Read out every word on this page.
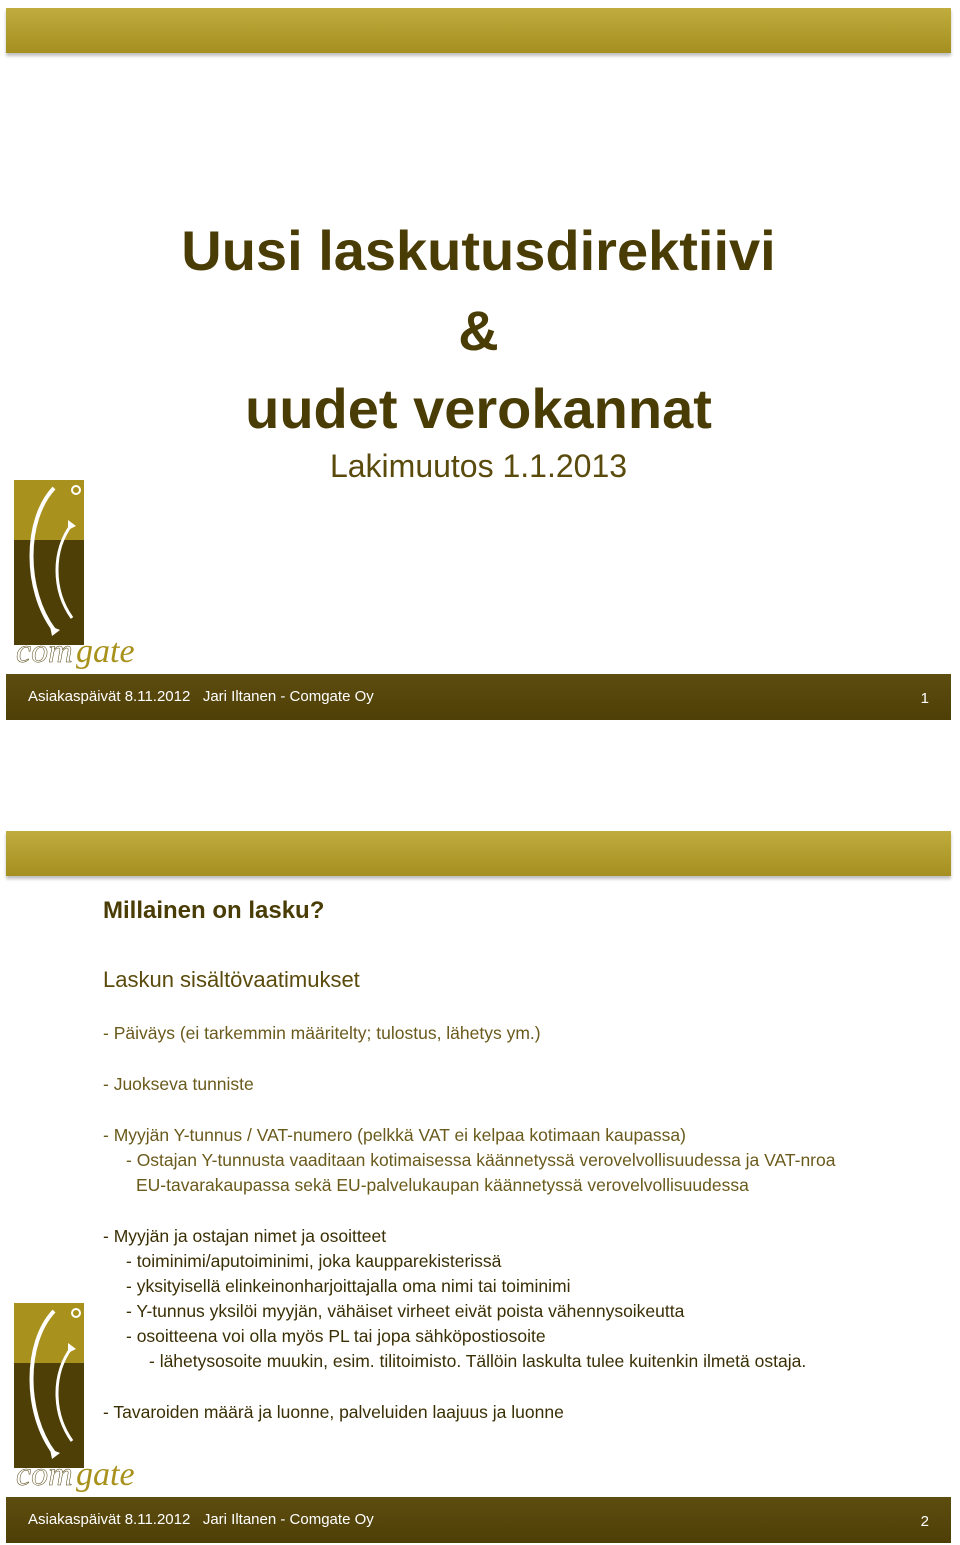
Uusi laskutusdirektiivi
&
uudet verokannat
Lakimuutos 1.1.2013
com gate
Asiakaspäivät 8.11.2012   Jari Iltanen - Comgate Oy	1
Millainen on lasku?
Laskun sisältövaatimukset
- Päiväys (ei tarkemmin määritelty; tulostus, lähetys ym.)
- Juokseva tunniste
- Myyjän Y-tunnus / VAT-numero (pelkkä VAT ei kelpaa kotimaan kaupassa)
- Ostajan Y-tunnusta vaaditaan kotimaisessa käännetyssä verovelvollisuudessa ja VAT-nroa
EU-tavarakaupassa sekä EU-palvelukaupan käännetyssä verovelvollisuudessa
- Myyjän ja ostajan nimet ja osoitteet
- toiminimi/aputoiminimi, joka kaupparekisterissä
- yksityisellä elinkeinonharjoittajalla oma nimi tai toiminimi
- Y-tunnus yksilöi myyjän, vähäiset virheet eivät poista vähennysoikeutta
- osoitteena voi olla myös PL tai jopa sähköpostiosoite
- lähetysosoite muukin, esim. tilitoimisto. Tällöin laskulta tulee kuitenkin ilmetä ostaja.
- Tavaroiden määrä ja luonne, palveluiden laajuus ja luonne
com gate
Asiakaspäivät 8.11.2012   Jari Iltanen - Comgate Oy	2
